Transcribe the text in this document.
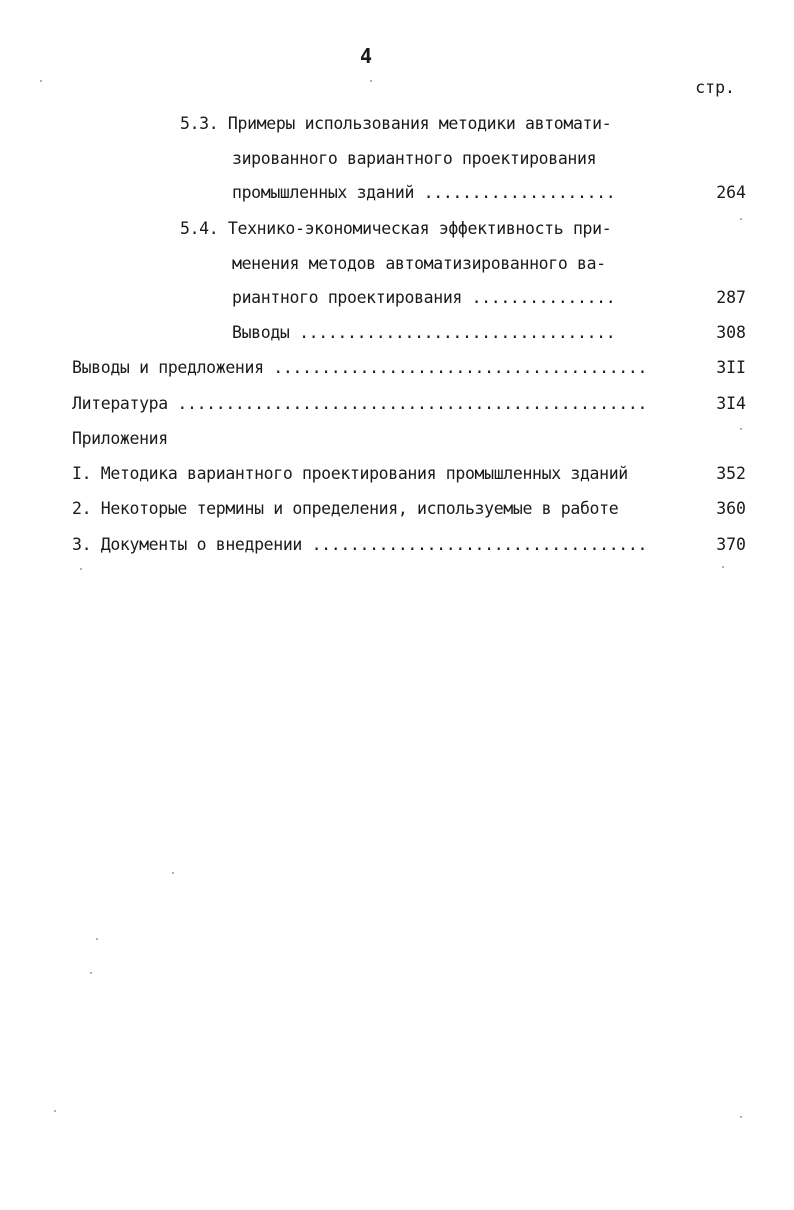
4
стр.
5.3. Примеры использования методики автомати-
зированного вариантного проектирования
промышленных зданий ....................	264
5.4. Технико-экономическая эффективность при-
менения методов автоматизированного ва-
риантного проектирования ...............	287
Выводы .................................	308
Выводы и предложения .......................................	3II
Литература .................................................	3I4
Приложения
I. Методика вариантного проектирования промышленных зданий	352
2. Некоторые термины и определения, используемые в работе	360
3. Документы о внедрении ...................................	370
